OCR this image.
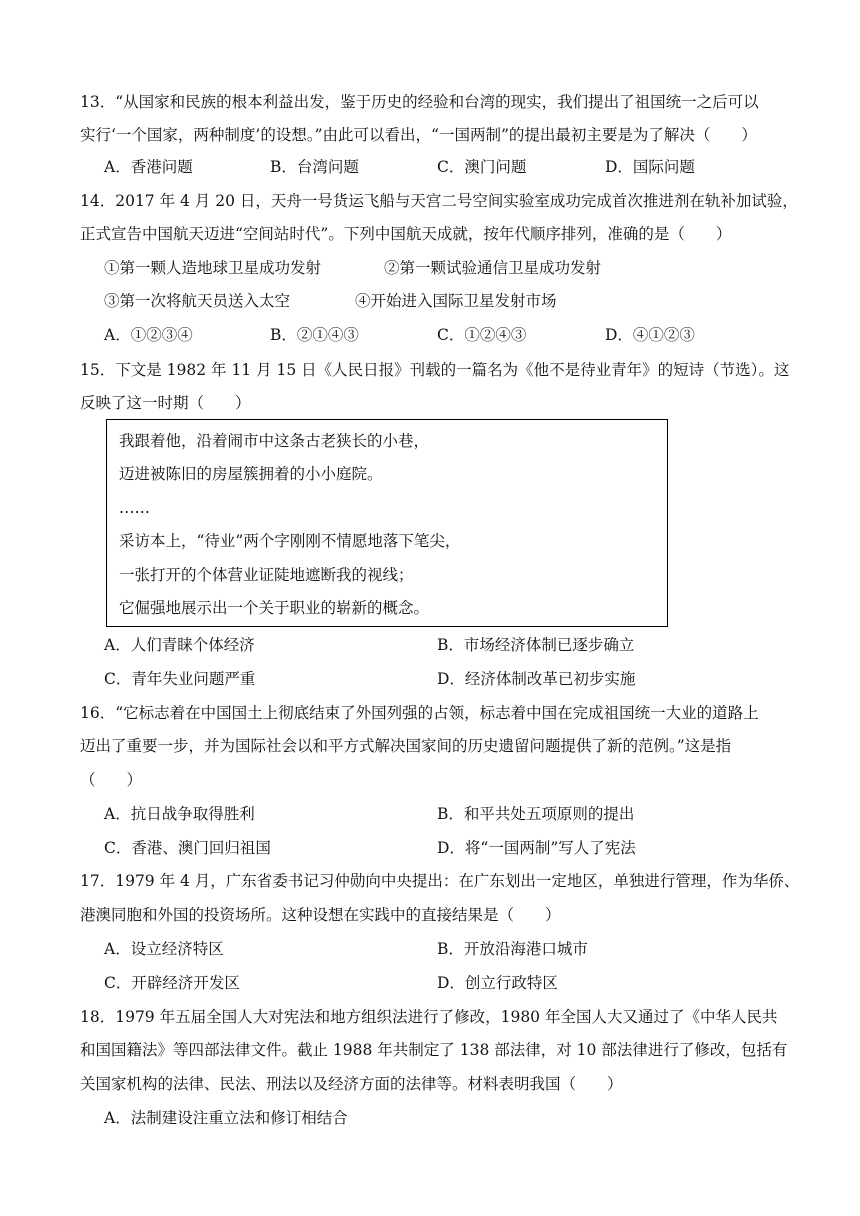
13．“从国家和民族的根本利益出发，鉴于历史的经验和台湾的现实，我们提出了祖国统一之后可以
实行‘一个国家，两种制度’的设想。”由此可以看出，“一国两制”的提出最初主要是为了解决（　　）
A．香港问题	B．台湾问题	C．澳门问题	D．国际问题
14．2017 年 4 月 20 日，天舟一号货运飞船与天宫二号空间实验室成功完成首次推进剂在轨补加试验，
正式宣告中国航天迈进“空间站时代”。下列中国航天成就，按年代顺序排列，准确的是（　　）
①第一颗人造地球卫星成功发射	②第一颗试验通信卫星成功发射
③第一次将航天员送入太空	④开始进入国际卫星发射市场
A．①②③④	B．②①④③	C．①②④③	D．④①②③
15．下文是 1982 年 11 月 15 日《人民日报》刊载的一篇名为《他不是待业青年》的短诗（节选）。这
反映了这一时期（　　）
我跟着他，沿着闹市中这条古老狭长的小巷，
迈进被陈旧的房屋簇拥着的小小庭院。
……
采访本上，“待业”两个字刚刚不情愿地落下笔尖，
一张打开的个体营业证陡地遮断我的视线；
它倔强地展示出一个关于职业的崭新的概念。
A．人们青睐个体经济	B．市场经济体制已逐步确立
C．青年失业问题严重	D．经济体制改革已初步实施
16．“它标志着在中国国土上彻底结束了外国列强的占领，标志着中国在完成祖国统一大业的道路上
迈出了重要一步，并为国际社会以和平方式解决国家间的历史遗留问题提供了新的范例。”这是指
（　　）
A．抗日战争取得胜利	B．和平共处五项原则的提出
C．香港、澳门回归祖国	D．将“一国两制”写人了宪法
17．1979 年 4 月，广东省委书记习仲勋向中央提出：在广东划出一定地区，单独进行管理，作为华侨、
港澳同胞和外国的投资场所。这种设想在实践中的直接结果是（　　）
A．设立经济特区	B．开放沿海港口城市
C．开辟经济开发区	D．创立行政特区
18．1979 年五届全国人大对宪法和地方组织法进行了修改，1980 年全国人大又通过了《中华人民共
和国国籍法》等四部法律文件。截止 1988 年共制定了 138 部法律，对 10 部法律进行了修改，包括有
关国家机构的法律、民法、刑法以及经济方面的法律等。材料表明我国（　　）
A．法制建设注重立法和修订相结合
